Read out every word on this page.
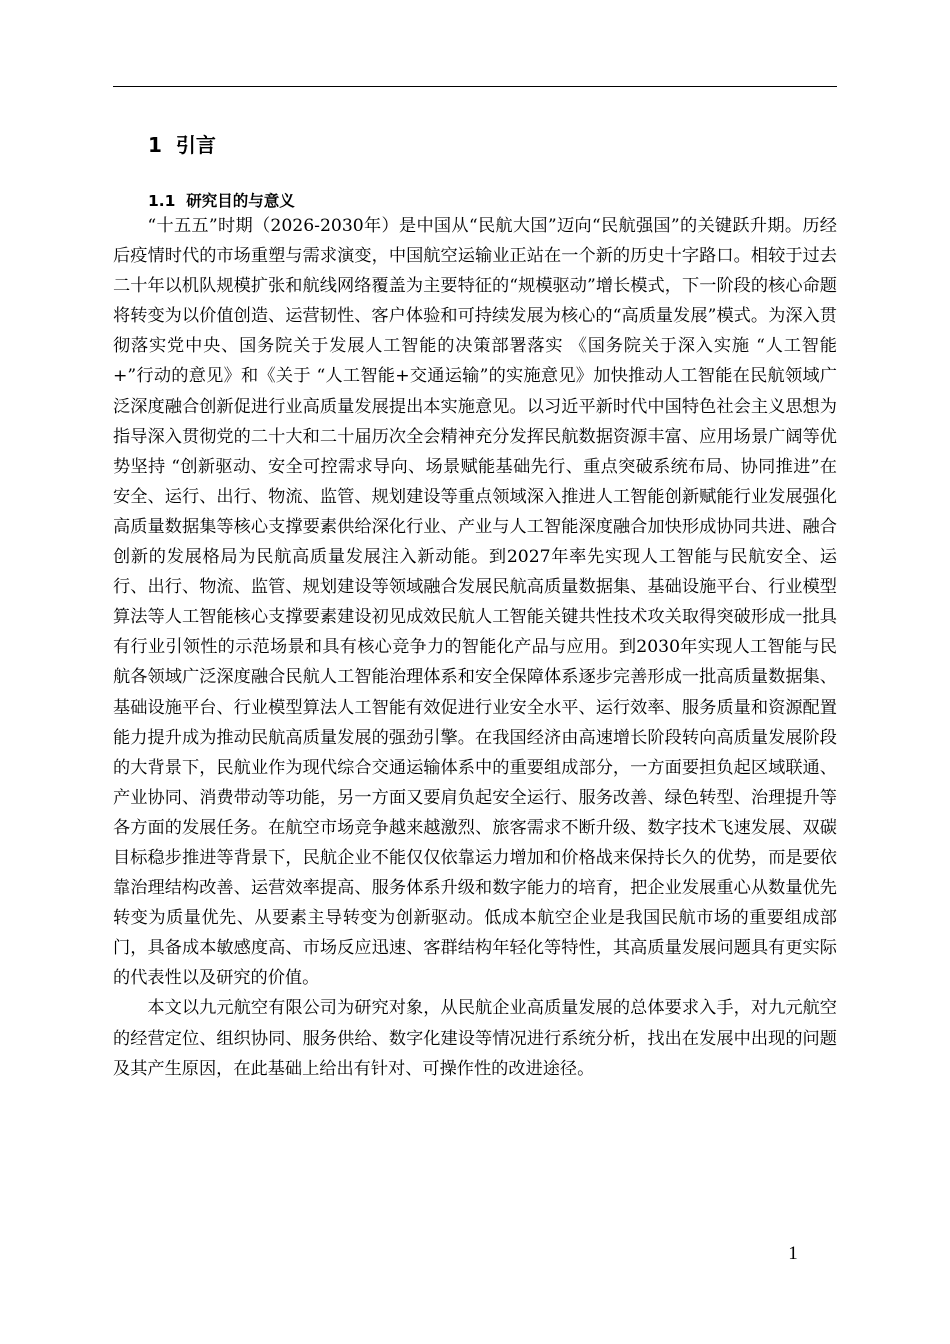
1 引言
1.1 研究目的与意义

“十五五”时期（2026-2030年）是中国从“民航大国”迈向“民航强国”的关键跃升期。历经后疫情时代的市场重塑与需求演变，中国航空运输业正站在一个新的历史十字路口。相较于过去二十年以机队规模扩张和航线网络覆盖为主要特征的“规模驱动”增长模式，下一阶段的核心命题将转变为以价值创造、运营韧性、客户体验和可持续发展为核心的“高质量发展”模式。为深入贯彻落实党中央、国务院关于发展人工智能的决策部署落实 《国务院关于深入实施 “人工智能+”行动的意见》和《关于 “人工智能+交通运输”的实施意见》加快推动人工智能在民航领域广泛深度融合创新促进行业高质量发展提出本实施意见。以习近平新时代中国特色社会主义思想为指导深入贯彻党的二十大和二十届历次全会精神充分发挥民航数据资源丰富、应用场景广阔等优势坚持 “创新驱动、安全可控需求导向、场景赋能基础先行、重点突破系统布局、协同推进”在安全、运行、出行、物流、监管、规划建设等重点领域深入推进人工智能创新赋能行业发展强化高质量数据集等核心支撑要素供给深化行业、产业与人工智能深度融合加快形成协同共进、融合创新的发展格局为民航高质量发展注入新动能。到2027年率先实现人工智能与民航安全、运行、出行、物流、监管、规划建设等领域融合发展民航高质量数据集、基础设施平台、行业模型算法等人工智能核心支撑要素建设初见成效民航人工智能关键共性技术攻关取得突破形成一批具有行业引领性的示范场景和具有核心竞争力的智能化产品与应用。到2030年实现人工智能与民航各领域广泛深度融合民航人工智能治理体系和安全保障体系逐步完善形成一批高质量数据集、基础设施平台、行业模型算法人工智能有效促进行业安全水平、运行效率、服务质量和资源配置能力提升成为推动民航高质量发展的强劲引擎。在我国经济由高速增长阶段转向高质量发展阶段的大背景下，民航业作为现代综合交通运输体系中的重要组成部分，一方面要担负起区域联通、产业协同、消费带动等功能，另一方面又要肩负起安全运行、服务改善、绿色转型、治理提升等各方面的发展任务。在航空市场竞争越来越激烈、旅客需求不断升级、数字技术飞速发展、双碳目标稳步推进等背景下，民航企业不能仅仅依靠运力增加和价格战来保持长久的优势，而是要依靠治理结构改善、运营效率提高、服务体系升级和数字能力的培育，把企业发展重心从数量优先转变为质量优先、从要素主导转变为创新驱动。低成本航空企业是我国民航市场的重要组成部门，具备成本敏感度高、市场反应迅速、客群结构年轻化等特性，其高质量发展问题具有更实际的代表性以及研究的价值。

本文以九元航空有限公司为研究对象，从民航企业高质量发展的总体要求入手，对九元航空的经营定位、组织协同、服务供给、数字化建设等情况进行系统分析，找出在发展中出现的问题及其产生原因，在此基础上给出有针对、可操作性的改进途径。

1
